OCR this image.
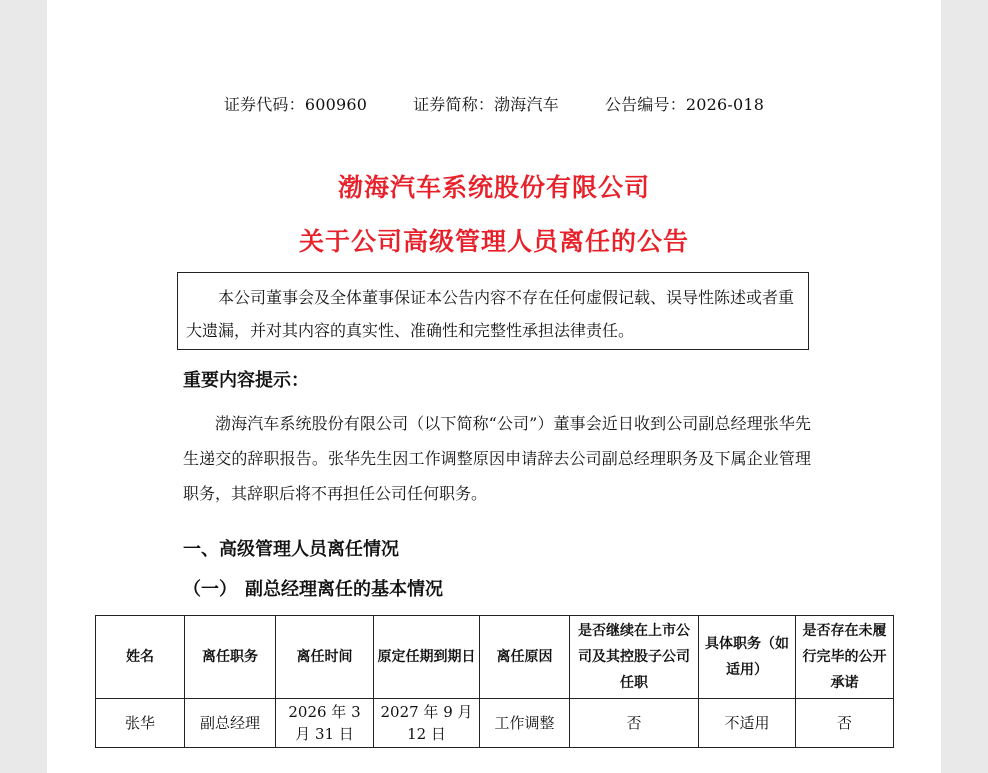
证券代码：600960	证券简称：渤海汽车	公告编号：2026-018
渤海汽车系统股份有限公司
关于公司高级管理人员离任的公告
本公司董事会及全体董事保证本公告内容不存在任何虚假记载、误导性陈述或者重大遗漏，并对其内容的真实性、准确性和完整性承担法律责任。
重要内容提示：
渤海汽车系统股份有限公司（以下简称“公司”）董事会近日收到公司副总经理张华先生递交的辞职报告。张华先生因工作调整原因申请辞去公司副总经理职务及下属企业管理职务，其辞职后将不再担任公司任何职务。
一、高级管理人员离任情况
（一） 副总经理离任的基本情况
姓名	离任职务	离任时间	原定任期到期日	离任原因	是否继续在上市公司及其控股子公司任职	具体职务（如适用）	是否存在未履行完毕的公开承诺
张华	副总经理	2026 年 3 月 31 日	2027 年 9 月 12 日	工作调整	否	不适用	否
